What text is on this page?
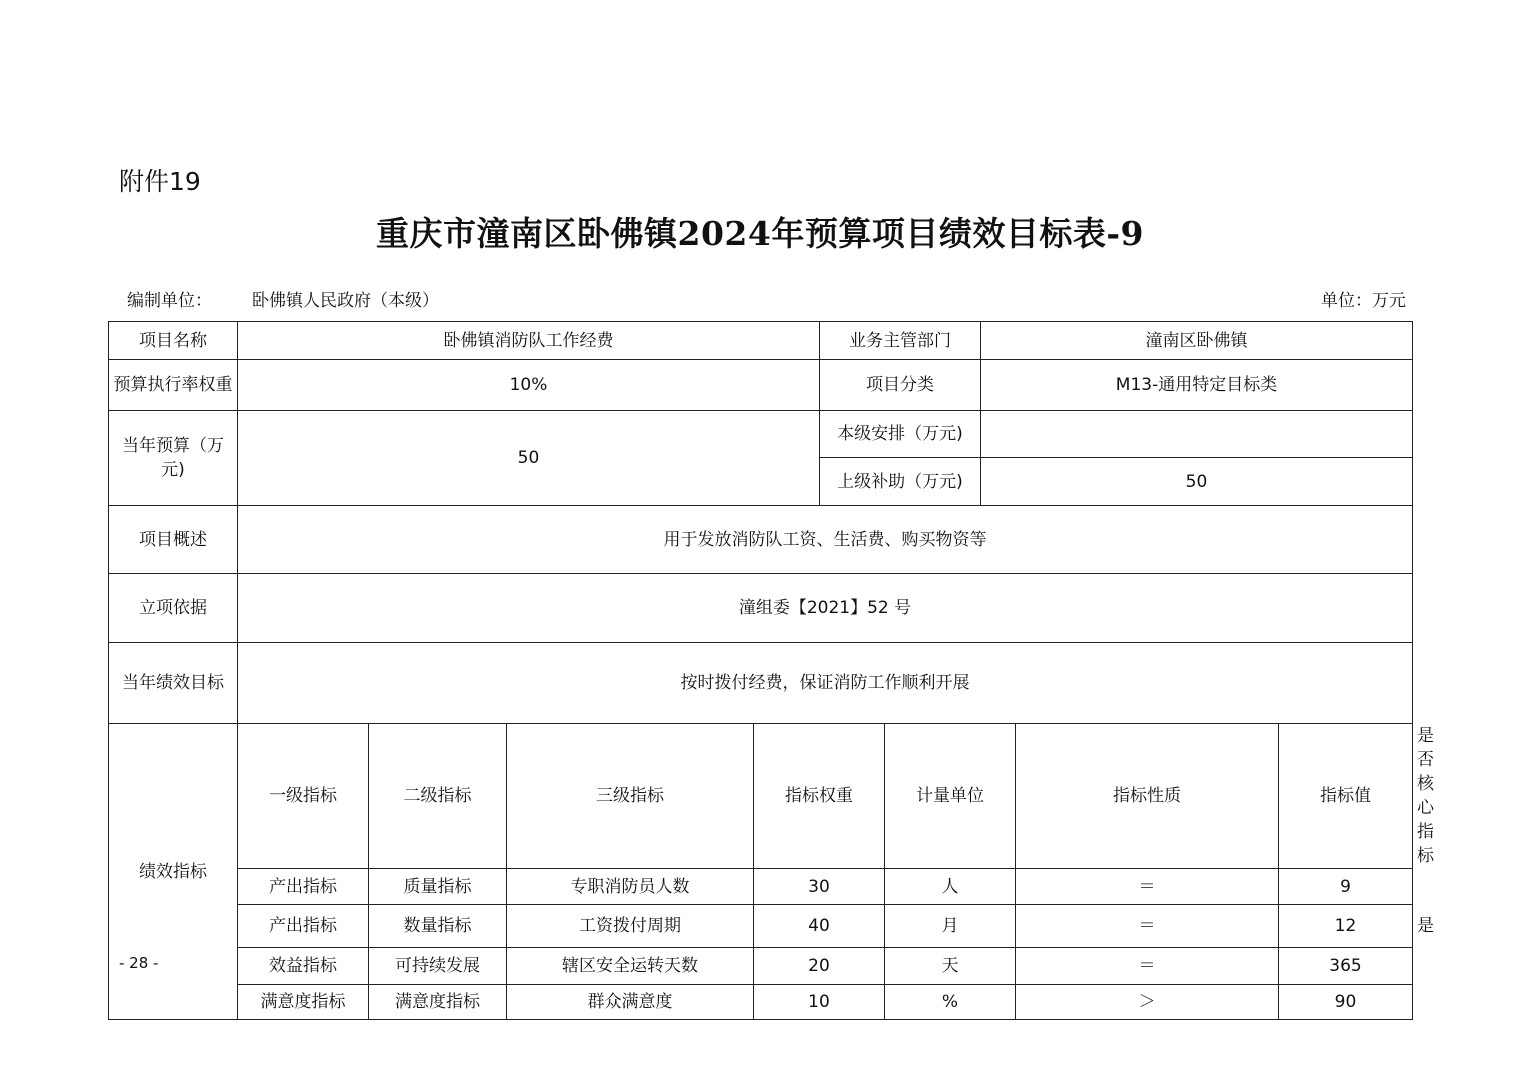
附件19
重庆市潼南区卧佛镇2024年预算项目绩效目标表-9
编制单位： 卧佛镇人民政府（本级）	单位：万元
项目名称	卧佛镇消防队工作经费				业务主管部门		潼南区卧佛镇			
预算执行率权重	10%				项目分类		M13-通用特定目标类			
当年预算（万元)	50				本级安排（万元)					
					上级补助（万元)		50			
项目概述	用于发放消防队工资、生活费、购买物资等									
立项依据	潼组委【2021】52 号									
当年绩效目标	按时拨付经费，保证消防工作顺利开展									
绩效指标	一级指标	二级指标	三级指标	指标权重		计量单位		指标性质	指标值	是否核心指标
	产出指标	质量指标	专职消防员人数	30		人		＝	9	
	产出指标	数量指标	工资拨付周期	40		月		＝	12	是
	效益指标	可持续发展	辖区安全运转天数	20		天		＝	365	
	满意度指标	满意度指标	群众满意度	10		%		＞	90	
- 28 -
